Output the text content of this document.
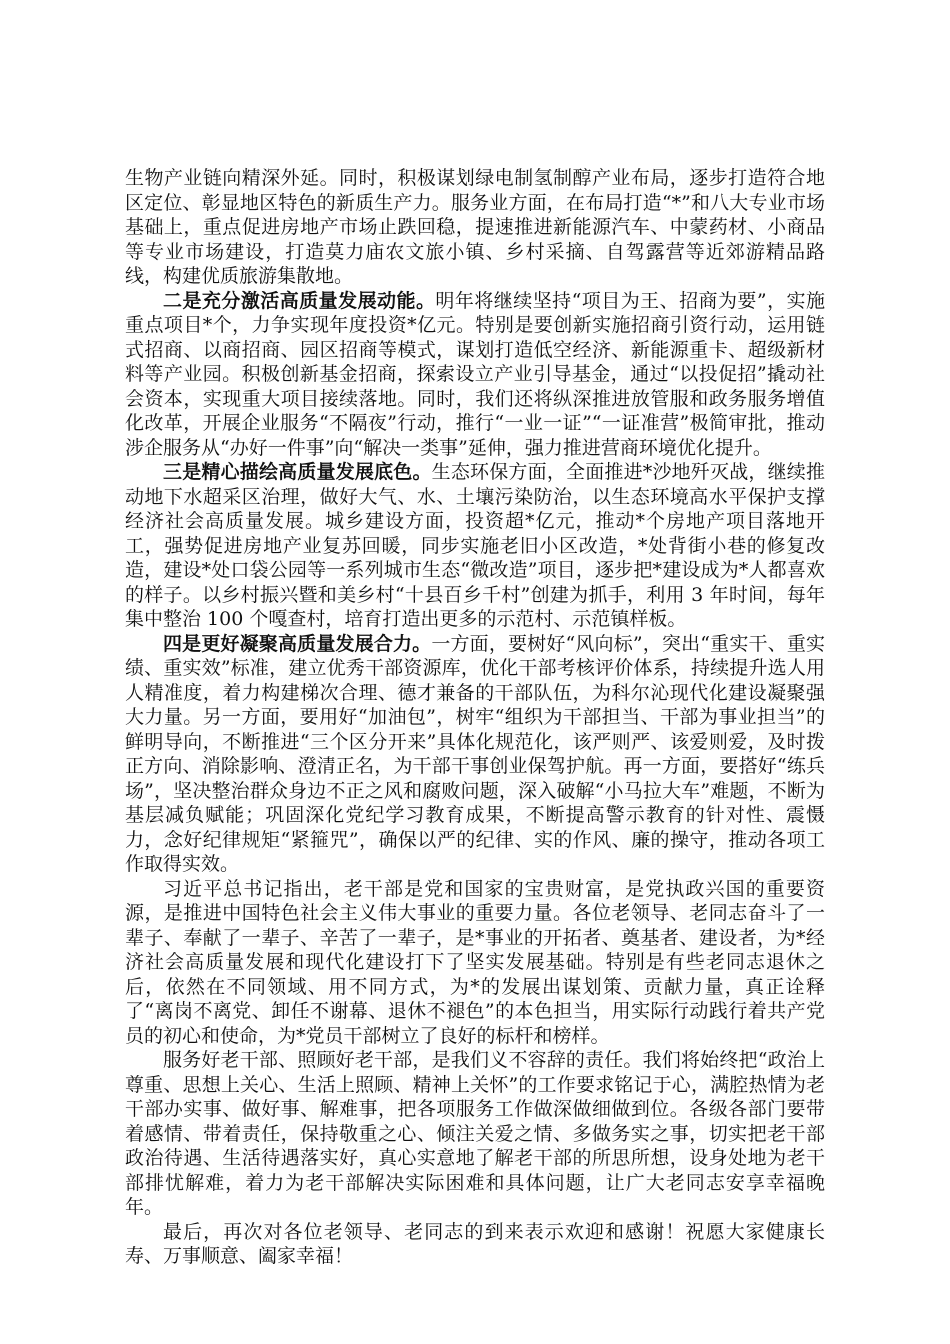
生物产业链向精深外延。同时，积极谋划绿电制氢制醇产业布局，逐步打造符合地区定位、彰显地区特色的新质生产力。服务业方面，在布局打造“*”和八大专业市场基础上，重点促进房地产市场止跌回稳，提速推进新能源汽车、中蒙药材、小商品等专业市场建设，打造莫力庙农文旅小镇、乡村采摘、自驾露营等近郊游精品路线，构建优质旅游集散地。

二是充分激活高质量发展动能。明年将继续坚持“项目为王、招商为要”，实施重点项目*个，力争实现年度投资*亿元。特别是要创新实施招商引资行动，运用链式招商、以商招商、园区招商等模式，谋划打造低空经济、新能源重卡、超级新材料等产业园。积极创新基金招商，探索设立产业引导基金，通过“以投促招”撬动社会资本，实现重大项目接续落地。同时，我们还将纵深推进放管服和政务服务增值化改革，开展企业服务“不隔夜”行动，推行“一业一证”“一证准营”极简审批，推动涉企服务从“办好一件事”向“解决一类事”延伸，强力推进营商环境优化提升。

三是精心描绘高质量发展底色。生态环保方面，全面推进*沙地歼灭战，继续推动地下水超采区治理，做好大气、水、土壤污染防治，以生态环境高水平保护支撑经济社会高质量发展。城乡建设方面，投资超*亿元，推动*个房地产项目落地开工，强势促进房地产业复苏回暖，同步实施老旧小区改造，*处背街小巷的修复改造，建设*处口袋公园等一系列城市生态“微改造”项目，逐步把*建设成为*人都喜欢的样子。以乡村振兴暨和美乡村“十县百乡千村”创建为抓手，利用 3 年时间，每年集中整治 100 个嘎查村，培育打造出更多的示范村、示范镇样板。

四是更好凝聚高质量发展合力。一方面，要树好“风向标”，突出“重实干、重实绩、重实效”标准，建立优秀干部资源库，优化干部考核评价体系，持续提升选人用人精准度，着力构建梯次合理、德才兼备的干部队伍，为科尔沁现代化建设凝聚强大力量。另一方面，要用好“加油包”，树牢“组织为干部担当、干部为事业担当”的鲜明导向，不断推进“三个区分开来”具体化规范化，该严则严、该爱则爱，及时拨正方向、消除影响、澄清正名，为干部干事创业保驾护航。再一方面，要搭好“练兵场”，坚决整治群众身边不正之风和腐败问题，深入破解“小马拉大车”难题，不断为基层减负赋能；巩固深化党纪学习教育成果，不断提高警示教育的针对性、震慑力，念好纪律规矩“紧箍咒”，确保以严的纪律、实的作风、廉的操守，推动各项工作取得实效。

习近平总书记指出，老干部是党和国家的宝贵财富，是党执政兴国的重要资源，是推进中国特色社会主义伟大事业的重要力量。各位老领导、老同志奋斗了一辈子、奉献了一辈子、辛苦了一辈子，是*事业的开拓者、奠基者、建设者，为*经济社会高质量发展和现代化建设打下了坚实发展基础。特别是有些老同志退休之后，依然在不同领域、用不同方式，为*的发展出谋划策、贡献力量，真正诠释了“离岗不离党、卸任不谢幕、退休不褪色”的本色担当，用实际行动践行着共产党员的初心和使命，为*党员干部树立了良好的标杆和榜样。

服务好老干部、照顾好老干部，是我们义不容辞的责任。我们将始终把“政治上尊重、思想上关心、生活上照顾、精神上关怀”的工作要求铭记于心，满腔热情为老干部办实事、做好事、解难事，把各项服务工作做深做细做到位。各级各部门要带着感情、带着责任，保持敬重之心、倾注关爱之情、多做务实之事，切实把老干部政治待遇、生活待遇落实好，真心实意地了解老干部的所思所想，设身处地为老干部排忧解难，着力为老干部解决实际困难和具体问题，让广大老同志安享幸福晚年。

最后，再次对各位老领导、老同志的到来表示欢迎和感谢！祝愿大家健康长寿、万事顺意、阖家幸福！
